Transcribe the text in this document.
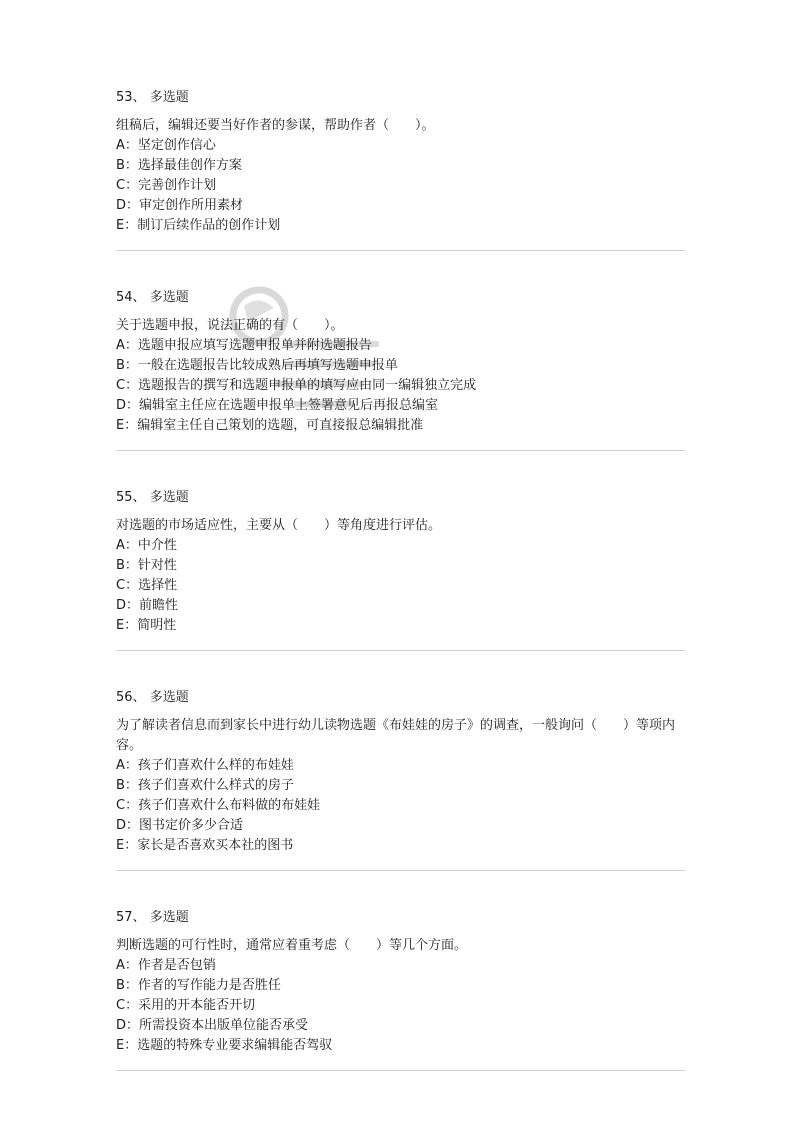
53、 多选题

组稿后，编辑还要当好作者的参谋，帮助作者（　　）。

A：坚定创作信心

B：选择最佳创作方案

C：完善创作计划

D：审定创作所用素材

E：制订后续作品的创作计划

54、 多选题

关于选题申报，说法正确的有（　　）。

A：选题申报应填写选题申报单并附选题报告

B：一般在选题报告比较成熟后再填写选题申报单

C：选题报告的撰写和选题申报单的填写应由同一编辑独立完成

D：编辑室主任应在选题申报单上签署意见后再报总编室

E：编辑室主任自己策划的选题，可直接报总编辑批准

55、 多选题

对选题的市场适应性，主要从（　　）等角度进行评估。

A：中介性

B：针对性

C：选择性

D：前瞻性

E：简明性

56、 多选题

为了解读者信息而到家长中进行幼儿读物选题《布娃娃的房子》的调查，一般询问（　　）等项内容。

A：孩子们喜欢什么样的布娃娃

B：孩子们喜欢什么样式的房子

C：孩子们喜欢什么布料做的布娃娃

D：图书定价多少合适

E：家长是否喜欢买本社的图书

57、 多选题

判断选题的可行性时，通常应着重考虑（　　）等几个方面。

A：作者是否包销

B：作者的写作能力是否胜任

C：采用的开本能否开切

D：所需投资本出版单位能否承受

E：选题的特殊专业要求编辑能否驾驭
